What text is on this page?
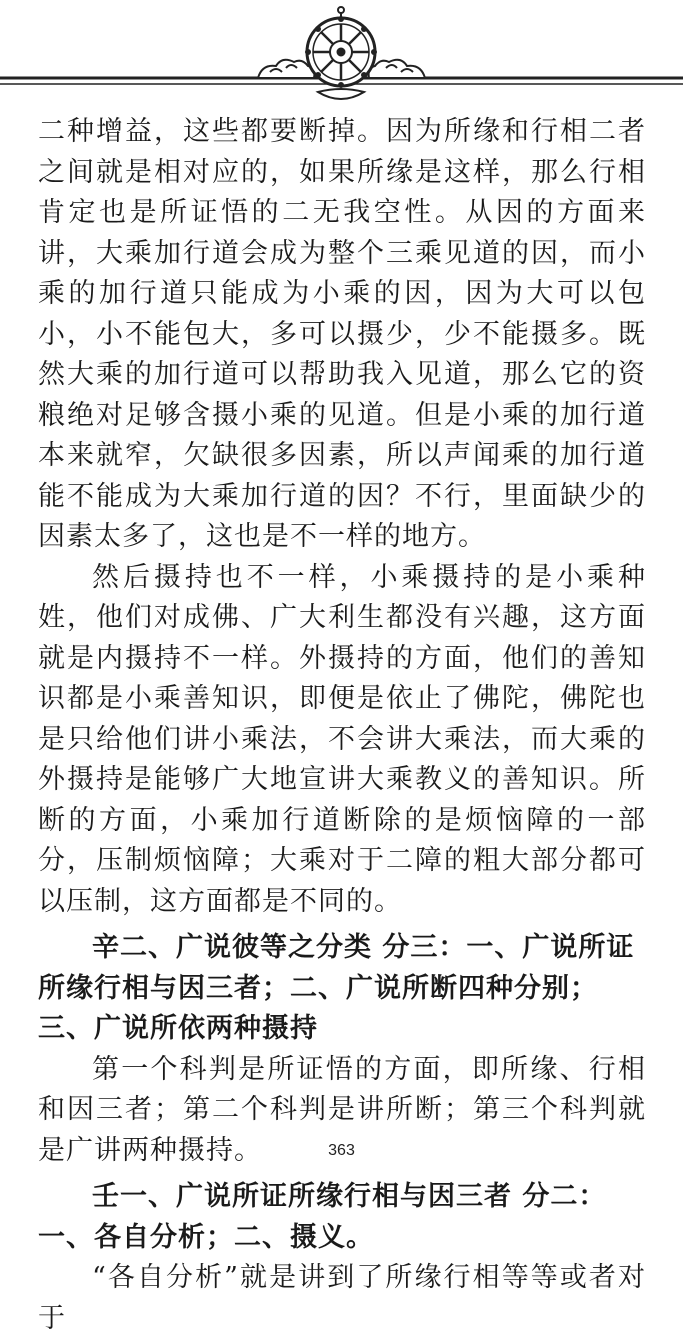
二种增益，这些都要断掉。因为所缘和行相二者之间就是相对应的，如果所缘是这样，那么行相肯定也是所证悟的二无我空性。从因的方面来讲，大乘加行道会成为整个三乘见道的因，而小乘的加行道只能成为小乘的因，因为大可以包小，小不能包大，多可以摄少，少不能摄多。既然大乘的加行道可以帮助我入见道，那么它的资粮绝对足够含摄小乘的见道。但是小乘的加行道本来就窄，欠缺很多因素，所以声闻乘的加行道能不能成为大乘加行道的因？不行，里面缺少的因素太多了，这也是不一样的地方。

然后摄持也不一样，小乘摄持的是小乘种姓，他们对成佛、广大利生都没有兴趣，这方面就是内摄持不一样。外摄持的方面，他们的善知识都是小乘善知识，即便是依止了佛陀，佛陀也是只给他们讲小乘法，不会讲大乘法，而大乘的外摄持是能够广大地宣讲大乘教义的善知识。所断的方面，小乘加行道断除的是烦恼障的一部分，压制烦恼障；大乘对于二障的粗大部分都可以压制，这方面都是不同的。

辛二、广说彼等之分类 分三：一、广说所证所缘行相与因三者；二、广说所断四种分别；三、广说所依两种摄持

第一个科判是所证悟的方面，即所缘、行相和因三者；第二个科判是讲所断；第三个科判就是广讲两种摄持。

壬一、广说所证所缘行相与因三者 分二：一、各自分析；二、摄义。

“各自分析”就是讲到了所缘行相等等或者对于

363
